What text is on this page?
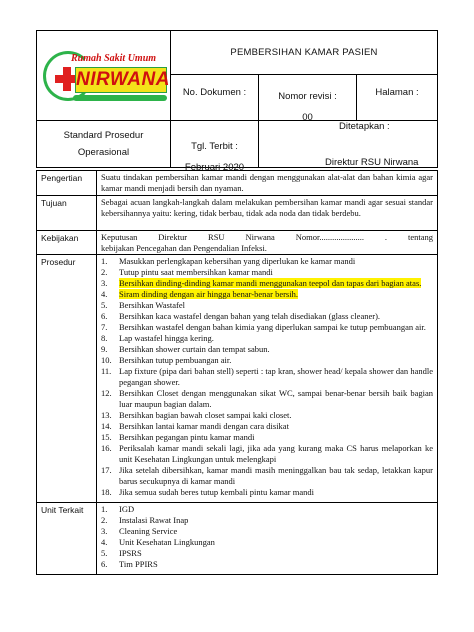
Rumah Sakit Umum
NIRWANA
PEMBERSIHAN KAMAR PASIEN
No. Dokumen :	Nomor revisi :
00
Halaman :
Standard Prosedur
Operasional	Tgl. Terbit :
Februari 2020
Ditetapkan :
Direktur RSU Nirwana
Pengertian	Suatu tindakan pembersihan kamar mandi dengan menggunakan alat-alat dan bahan kimia agar kamar mandi menjadi bersih dan nyaman.

Tujuan	Sebagai acuan langkah-langkah dalam melakukan pembersihan kamar mandi agar sesuai standar kebersihannya yaitu: kering, tidak berbau, tidak ada noda dan tidak berdebu.

Kebijakan	Keputusan        Direktur        RSU        Nirwana        Nomor.....................        .        tentang kebijakan Pencegahan dan Pengendalian Infeksi.

Prosedur	1. Masukkan perlengkapan kebersihan yang diperlukan ke kamar mandi
2. Tutup pintu saat membersihkan kamar mandi
3. Bersihkan dinding-dinding kamar mandi menggunakan teepol dan tapas dari bagian atas.
4. Siram dinding dengan air hingga benar-benar bersih.
5. Bersihkan Wastafel
6. Bersihkan kaca wastafel dengan bahan yang telah disediakan (glass cleaner).
7. Bersihkan wastafel dengan bahan kimia yang diperlukan sampai ke tutup pembuangan air.
8. Lap wastafel hingga kering.
9. Bersihkan shower curtain dan tempat sabun.
10. Bersihkan tutup pembuangan air.
11. Lap fixture (pipa dari bahan stell) seperti : tap kran, shower head/ kepala shower dan handle pegangan shower.
12. Bersihkan Closet dengan menggunakan sikat WC, sampai benar-benar bersih baik bagian luar maupun bagian dalam.
13. Bersihkan bagian bawah closet sampai kaki closet.
14. Bersihkan lantai kamar mandi dengan cara disikat
15. Bersihkan pegangan pintu kamar mandi
16. Periksalah kamar mandi sekali lagi, jika ada yang kurang maka CS harus melaporkan ke unit Kesehatan Lingkungan untuk melengkapi
17. Jika setelah dibersihkan, kamar mandi masih meninggalkan bau tak sedap, letakkan kapur barus secukupnya di kamar mandi
18. Jika semua sudah beres tutup kembali pintu kamar mandi
Unit Terkait	1. IGD
2. Instalasi Rawat Inap
3. Cleaning Service
4. Unit Kesehatan Lingkungan
5. IPSRS
6. Tim PPIRS
